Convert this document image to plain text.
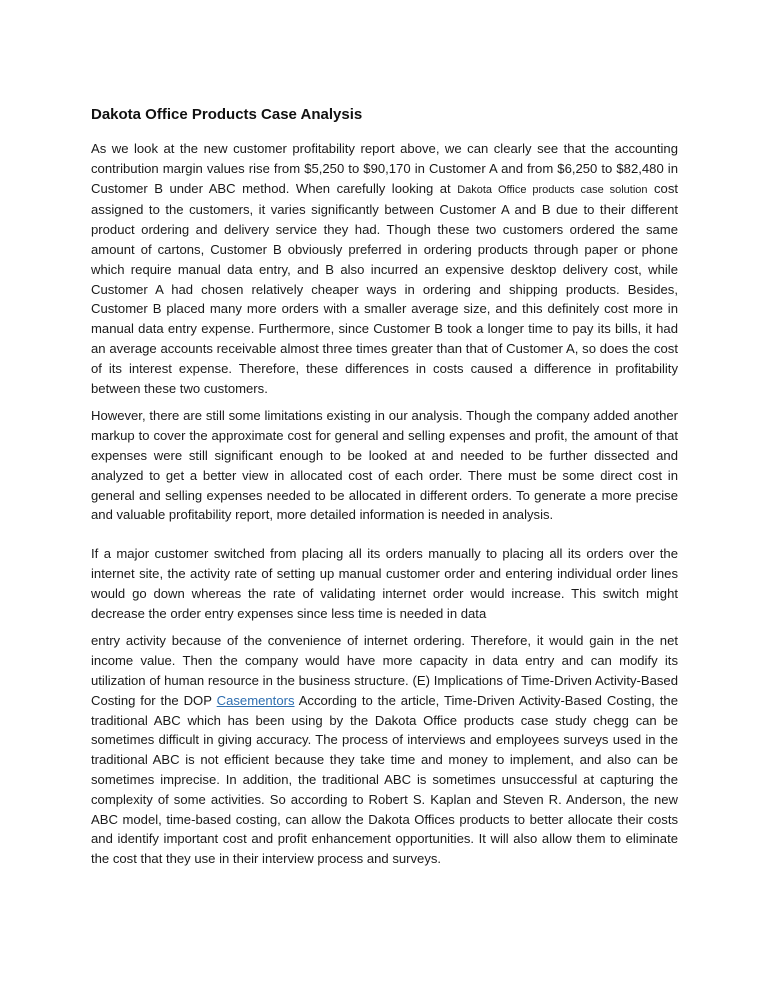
Dakota Office Products Case Analysis

As we look at the new customer profitability report above, we can clearly see that the accounting contribution margin values rise from $5,250 to $90,170 in Customer A and from $6,250 to $82,480 in Customer B under ABC method. When carefully looking at Dakota Office products case solution cost assigned to the customers, it varies significantly between Customer A and B due to their different product ordering and delivery service they had. Though these two customers ordered the same amount of cartons, Customer B obviously preferred in ordering products through paper or phone which require manual data entry, and B also incurred an expensive desktop delivery cost, while Customer A had chosen relatively cheaper ways in ordering and shipping products. Besides, Customer B placed many more orders with a smaller average size, and this definitely cost more in manual data entry expense. Furthermore, since Customer B took a longer time to pay its bills, it had an average accounts receivable almost three times greater than that of Customer A, so does the cost of its interest expense. Therefore, these differences in costs caused a difference in profitability between these two customers.

However, there are still some limitations existing in our analysis. Though the company added another markup to cover the approximate cost for general and selling expenses and profit, the amount of that expenses were still significant enough to be looked at and needed to be further dissected and analyzed to get a better view in allocated cost of each order. There must be some direct cost in general and selling expenses needed to be allocated in different orders. To generate a more precise and valuable profitability report, more detailed information is needed in analysis.

If a major customer switched from placing all its orders manually to placing all its orders over the internet site, the activity rate of setting up manual customer order and entering individual order lines would go down whereas the rate of validating internet order would increase. This switch might decrease the order entry expenses since less time is needed in data

entry activity because of the convenience of internet ordering. Therefore, it would gain in the net income value. Then the company would have more capacity in data entry and can modify its utilization of human resource in the business structure. (E) Implications of Time-Driven Activity-Based Costing for the DOP Casementors According to the article, Time-Driven Activity-Based Costing, the traditional ABC which has been using by the Dakota Office products case study chegg can be sometimes difficult in giving accuracy. The process of interviews and employees surveys used in the traditional ABC is not efficient because they take time and money to implement, and also can be sometimes imprecise. In addition, the traditional ABC is sometimes unsuccessful at capturing the complexity of some activities. So according to Robert S. Kaplan and Steven R. Anderson, the new ABC model, time-based costing, can allow the Dakota Offices products to better allocate their costs and identify important cost and profit enhancement opportunities. It will also allow them to eliminate the cost that they use in their interview process and surveys.
